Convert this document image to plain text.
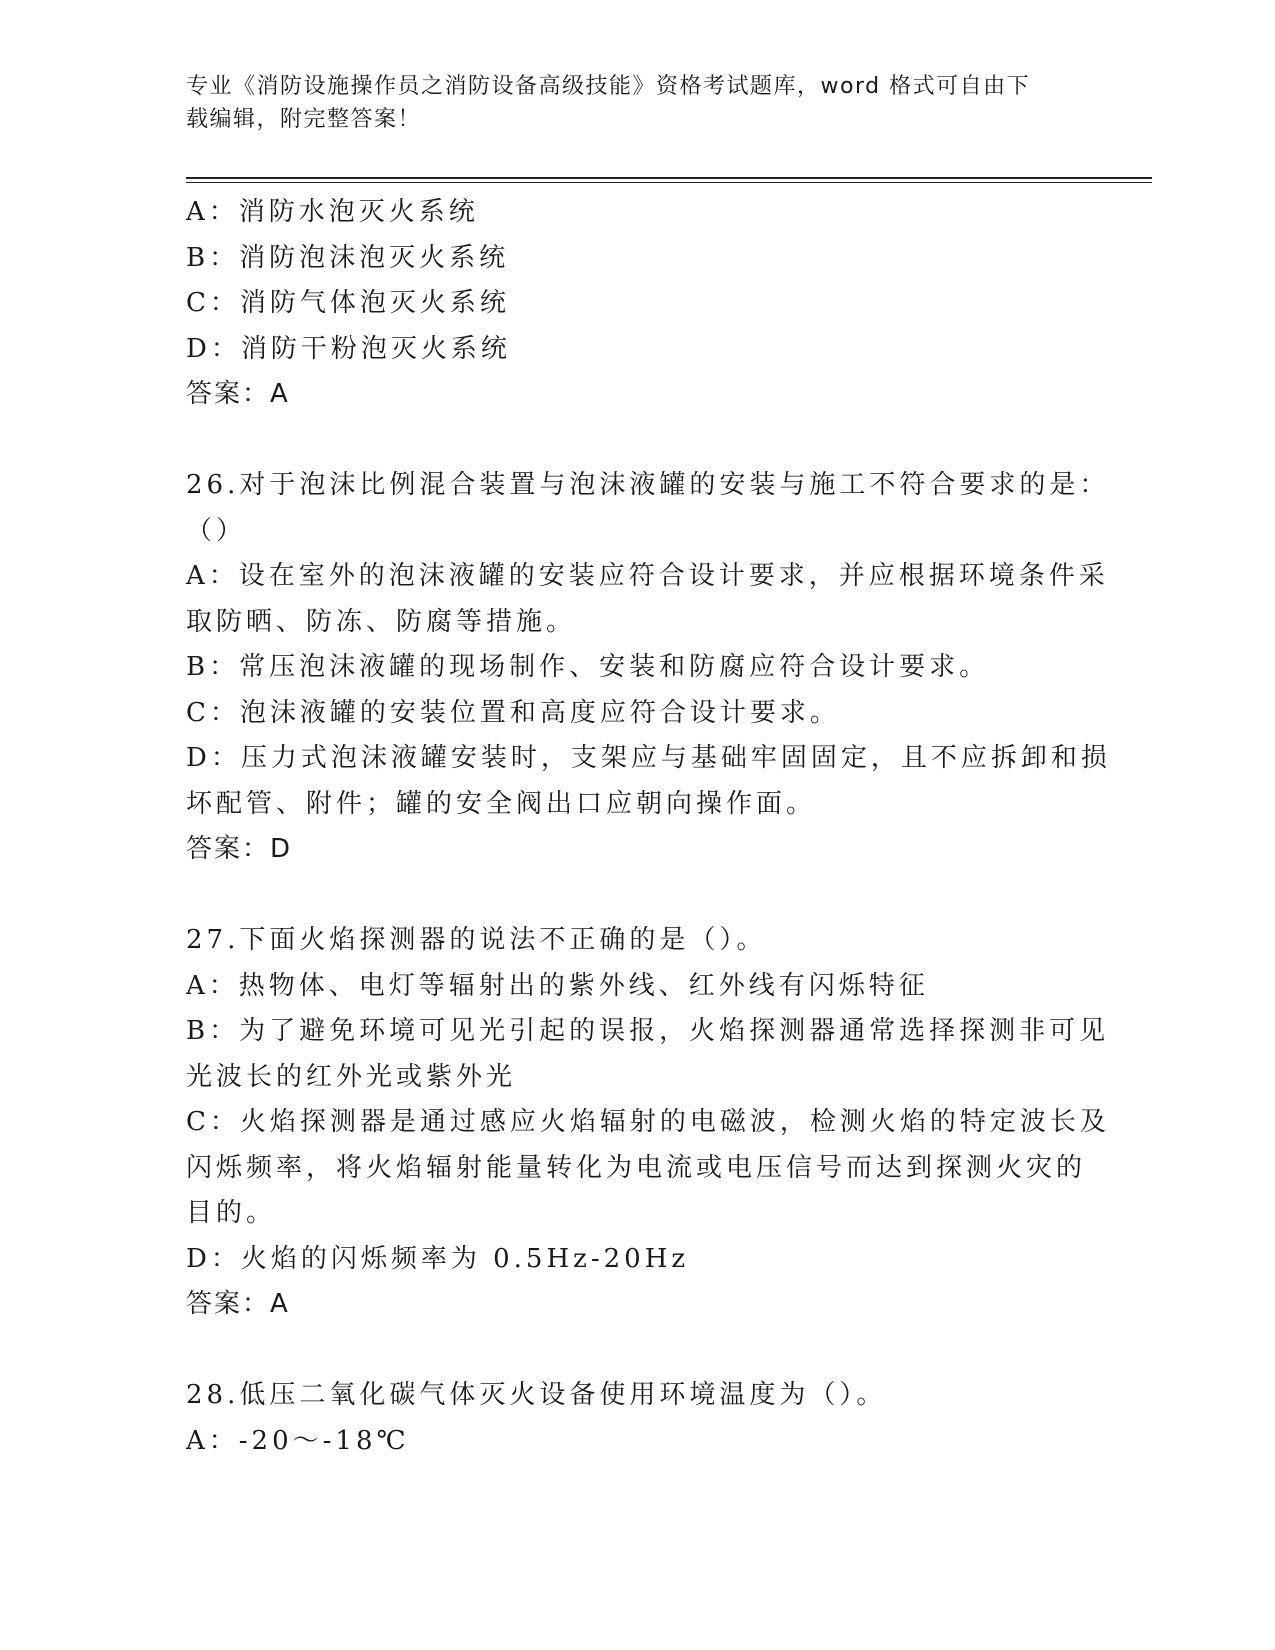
专业《消防设施操作员之消防设备高级技能》资格考试题库，word 格式可自由下
载编辑，附完整答案！
A：消防水泡灭火系统
B：消防泡沫泡灭火系统
C：消防气体泡灭火系统
D：消防干粉泡灭火系统
答案：A
26.对于泡沫比例混合装置与泡沫液罐的安装与施工不符合要求的是：
（）
A：设在室外的泡沫液罐的安装应符合设计要求，并应根据环境条件采
取防晒、防冻、防腐等措施。
B：常压泡沫液罐的现场制作、安装和防腐应符合设计要求。
C：泡沫液罐的安装位置和高度应符合设计要求。
D：压力式泡沫液罐安装时，支架应与基础牢固固定，且不应拆卸和损
坏配管、附件；罐的安全阀出口应朝向操作面。
答案：D
27.下面火焰探测器的说法不正确的是（）。
A：热物体、电灯等辐射出的紫外线、红外线有闪烁特征
B：为了避免环境可见光引起的误报，火焰探测器通常选择探测非可见
光波长的红外光或紫外光
C：火焰探测器是通过感应火焰辐射的电磁波，检测火焰的特定波长及
闪烁频率，将火焰辐射能量转化为电流或电压信号而达到探测火灾的
目的。
D：火焰的闪烁频率为 0.5Hz-20Hz
答案：A
28.低压二氧化碳气体灭火设备使用环境温度为（）。
A：-20～-18℃
